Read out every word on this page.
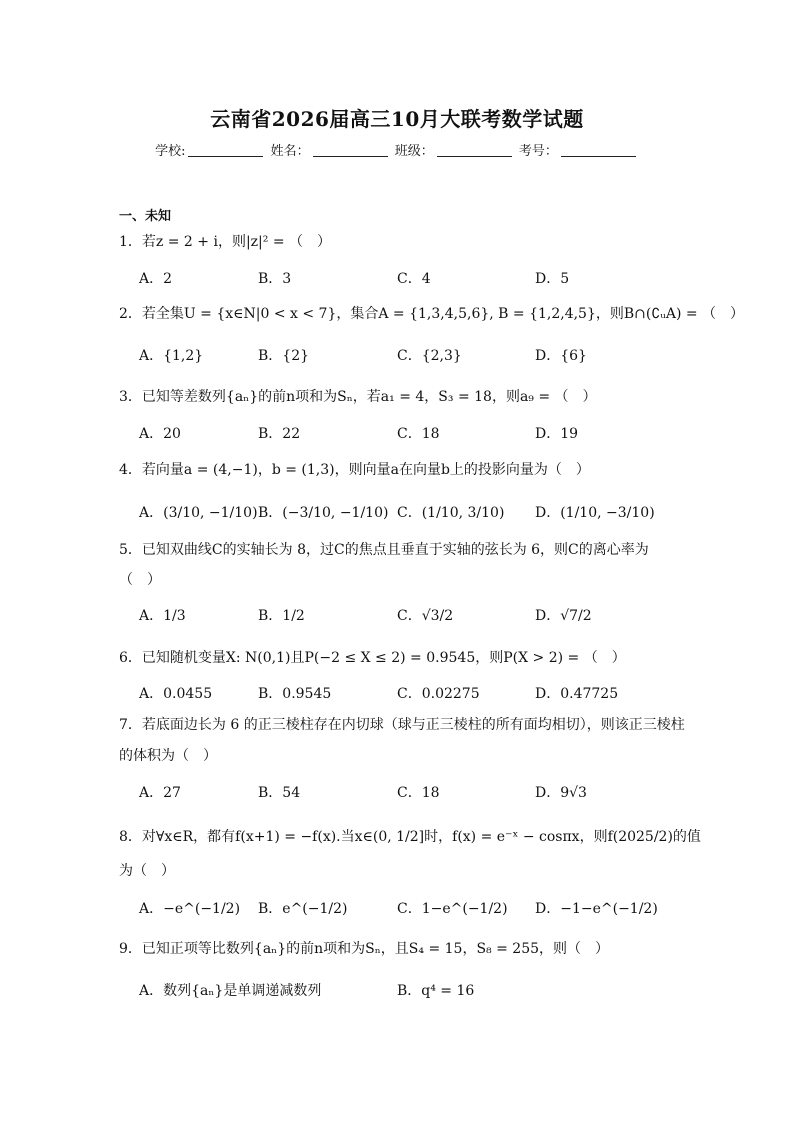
云南省2026届高三10月大联考数学试题
学校:	姓名：	班级：	考号：
一、未知
1．若z = 2 + i，则|z|² = （　）
A．2	B．3	C．4	D．5
2．若全集U = {x∈N|0 < x < 7}，集合A = {1,3,4,5,6}, B = {1,2,4,5}，则B∩(∁ᵤA) = （　）
A．{1,2}	B．{2}	C．{2,3}	D．{6}
3．已知等差数列{aₙ}的前n项和为Sₙ，若a₁ = 4，S₃ = 18，则a₉ = （　）
A．20	B．22	C．18	D．19
4．若向量a = (4,−1)，b = (1,3)，则向量a在向量b上的投影向量为（　）
A．(3/10, −1/10) B．(−3/10, −1/10) C．(1/10, 3/10) D．(1/10, −3/10)
5．已知双曲线C的实轴长为 8，过C的焦点且垂直于实轴的弦长为 6，则C的离心率为
（　）
A．1/3	B．1/2	C．√3/2	D．√7/2
6．已知随机变量X: N(0,1)且P(−2 ≤ X ≤ 2) = 0.9545，则P(X > 2) = （　）
A．0.0455	B．0.9545	C．0.02275	D．0.47725
7．若底面边长为 6 的正三棱柱存在内切球（球与正三棱柱的所有面均相切），则该正三棱柱
的体积为（　）
A．27	B．54	C．18	D．9√3
8．对∀x∈R，都有f(x+1) = −f(x).当x∈(0, 1/2]时，f(x) = e⁻ˣ − cosπx，则f(2025/2)的值
为（　）
A．−e^(−1/2) B．e^(−1/2)	C．1−e^(−1/2) D．−1−e^(−1/2)
9．已知正项等比数列{aₙ}的前n项和为Sₙ，且S₄ = 15，S₈ = 255，则（　）
A．数列{aₙ}是单调递减数列	B．q⁴ = 16
